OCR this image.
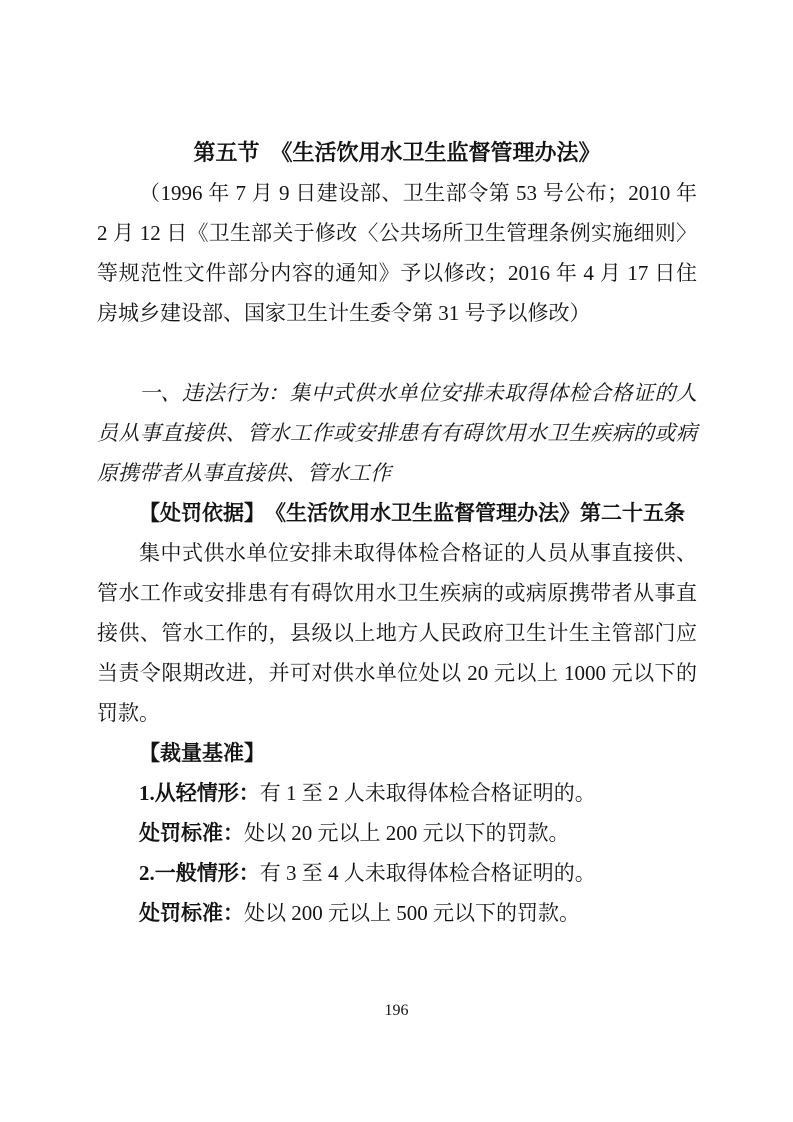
第五节　《生活饮用水卫生监督管理办法》

（1996 年 7 月 9 日建设部、卫生部令第 53 号公布；2010 年 2 月 12 日《卫生部关于修改〈公共场所卫生管理条例实施细则〉等规范性文件部分内容的通知》予以修改；2016 年 4 月 17 日住房城乡建设部、国家卫生计生委令第 31 号予以修改）

一、违法行为：集中式供水单位安排未取得体检合格证的人员从事直接供、管水工作或安排患有有碍饮用水卫生疾病的或病原携带者从事直接供、管水工作

【处罚依据】　《生活饮用水卫生监督管理办法》第二十五条

集中式供水单位安排未取得体检合格证的人员从事直接供、管水工作或安排患有有碍饮用水卫生疾病的或病原携带者从事直接供、管水工作的，县级以上地方人民政府卫生计生主管部门应当责令限期改进，并可对供水单位处以 20 元以上 1000 元以下的罚款。

【裁量基准】

1.从轻情形：有 1 至 2 人未取得体检合格证明的。

处罚标准：处以 20 元以上 200 元以下的罚款。

2.一般情形：有 3 至 4 人未取得体检合格证明的。

处罚标准：处以 200 元以上 500 元以下的罚款。

196
